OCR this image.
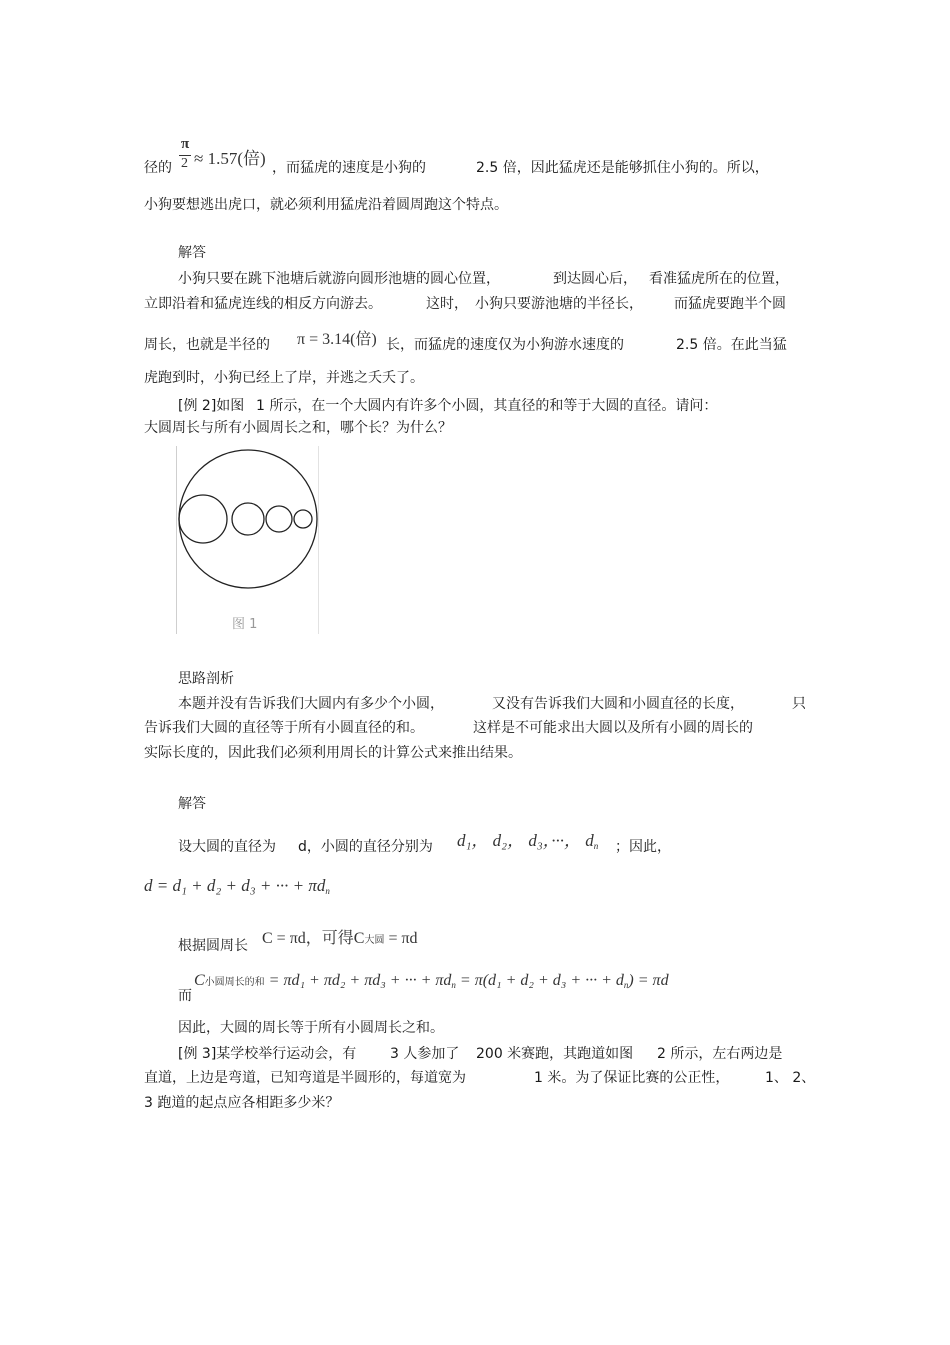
径的
π
2 ≈ 1.57(倍) ，而猛虎的速度是小狗的	2.5 倍，因此猛虎还是能够抓住小狗的。所以，
小狗要想逃出虎口，就必须利用猛虎沿着圆周跑这个特点。
解答
小狗只要在跳下池塘后就游向圆形池塘的圆心位置，	到达圆心后， 看准猛虎所在的位置，
立即沿着和猛虎连线的相反方向游去。	这时， 小狗只要游池塘的半径长， 而猛虎要跑半个圆
周长，也就是半径的 π = 3.14(倍) 长，而猛虎的速度仅为小狗游水速度的	2.5 倍。在此当猛
虎跑到时，小狗已经上了岸，并逃之夭夭了。
[例 2]如图 1 所示，在一个大圆内有许多个小圆，其直径的和等于大圆的直径。请问：
大圆周长与所有小圆周长之和，哪个长？为什么？
图 1
思路剖析
本题并没有告诉我们大圆内有多少个小圆，	又没有告诉我们大圆和小圆直径的长度，	只
告诉我们大圆的直径等于所有小圆直径的和。	这样是不可能求出大圆以及所有小圆的周长的
实际长度的，因此我们必须利用周长的计算公式来推出结果。
解答
设大圆的直径为 d，小圆的直径分别为 d₁， d₂， d₃，···， dn ；因此，
d = d₁ + d₂ + d₃ + ··· + πdn
根据圆周长 C = πd，可得C大圆 = πd
而
C小圆周长的和 = πd₁ + πd₂ + πd₃ + ··· + πdn = π(d₁ + d₂ + d₃ + ··· + dn) = πd
因此，大圆的周长等于所有小圆周长之和。
[例 3]某学校举行运动会，有 3 人参加了 200 米赛跑，其跑道如图 2 所示，左右两边是
直道，上边是弯道，已知弯道是半圆形的，每道宽为	1 米。为了保证比赛的公正性，	1、 2、
3 跑道的起点应各相距多少米？
